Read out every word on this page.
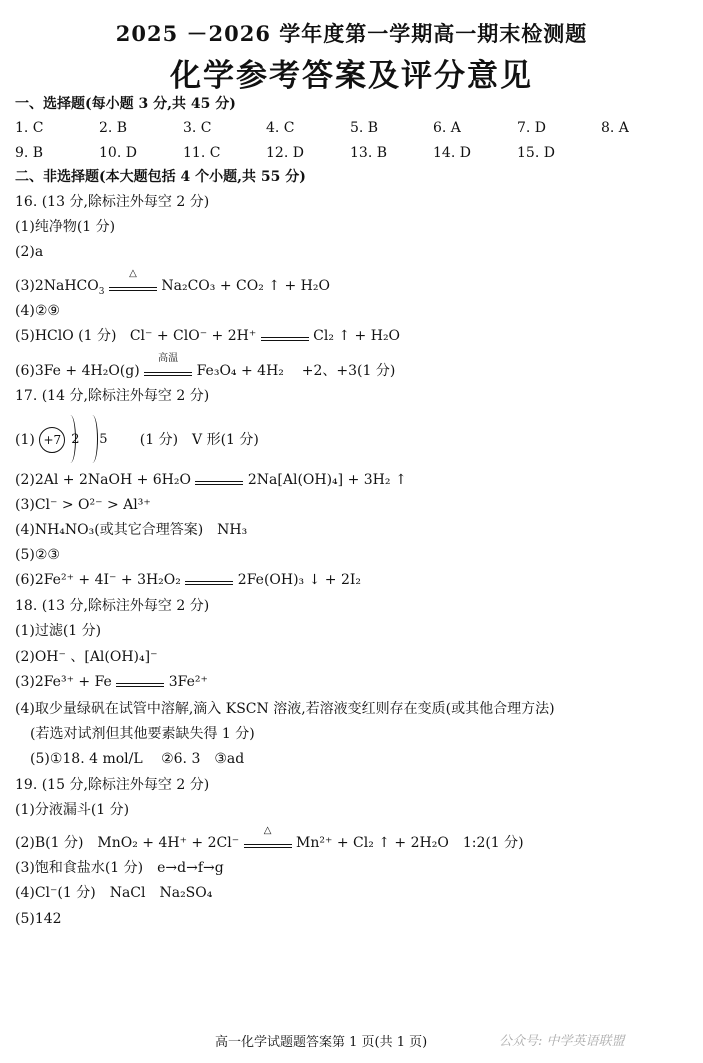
2025 －2026 学年度第一学期高一期末检测题
化学参考答案及评分意见
一、选择题(每小题 3 分,共 45 分)
1. C	2. B	3. C	4. C	5. B	6. A	7. D	8. A
9. B	10. D	11. C	12. D	13. B	14. D	15. D
二、非选择题(本大题包括 4 个小题,共 55 分)
16. (13 分,除标注外每空 2 分)
(1)纯净物(1 分)
(2)a
(3)2NaHCO$_3$
△
Na₂CO₃ + CO₂ ↑ + H₂O
(4)②⑨
(5)HClO (1 分) Cl⁻ + ClO⁻ + 2H⁺	Cl₂ ↑ + H₂O
(6)3Fe + 4H₂O(g)
高温
Fe₃O₄ + 4H₂ +2、+3(1 分)
17. (14 分,除标注外每空 2 分)
(1) +7 2 5 (1 分)　V 形(1 分)
(2)2Al + 2NaOH + 6H₂O	2Na[Al(OH)₄] + 3H₂ ↑
(3)Cl⁻ > O²⁻ > Al³⁺
(4)NH₄NO₃(或其它合理答案)　NH₃
(5)②③
(6)2Fe²⁺ + 4I⁻ + 3H₂O₂	2Fe(OH)₃ ↓ + 2I₂
18. (13 分,除标注外每空 2 分)
(1)过滤(1 分)
(2)OH⁻ 、[Al(OH)₄]⁻
(3)2Fe³⁺ + Fe	3Fe²⁺
(4)取少量绿矾在试管中溶解,滴入 KSCN 溶液,若溶液变红则存在变质(或其他合理方法)
(若选对试剂但其他要素缺失得 1 分)
(5)①18. 4 mol/L　 ②6. 3　③ad
19. (15 分,除标注外每空 2 分)
(1)分液漏斗(1 分)
(2)B(1 分)　MnO₂ + 4H⁺ + 2Cl⁻
△
Mn²⁺ + Cl₂ ↑ + 2H₂O　1:2(1 分)
(3)饱和食盐水(1 分)　e→d→f→g
(4)Cl⁻(1 分)　NaCl　Na₂SO₄
(5)142
高一化学试题题答案第 1 页(共 1 页)	公众号: 中学英语联盟
